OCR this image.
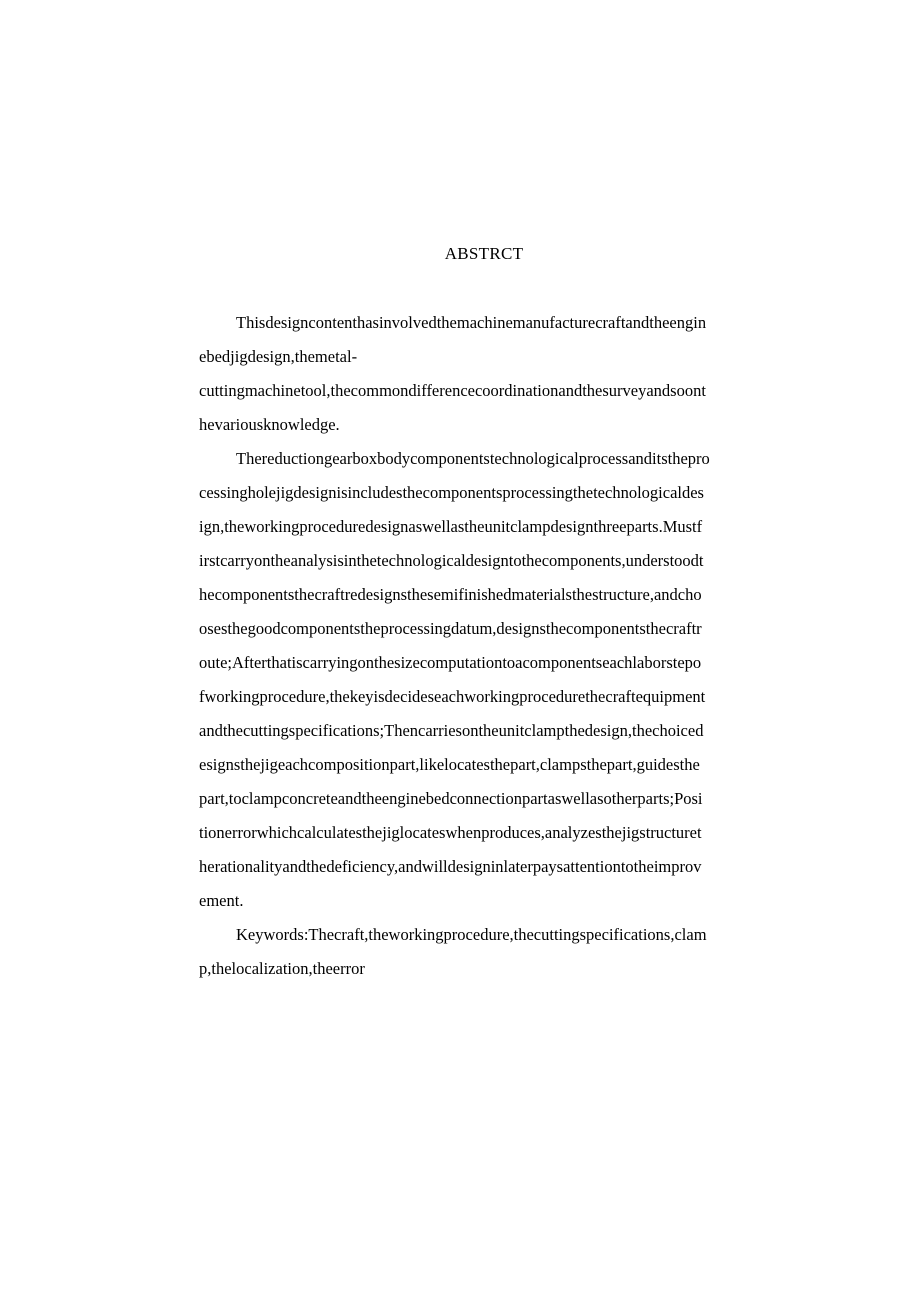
ABSTRCT
Thisdesigncontenthasinvolvedthemachinemanufacturecraftandtheengin
ebedjigdesign,themetal-
cuttingmachinetool,thecommondifferencecoordinationandthesurveyandsoont
hevariousknowledge.
Thereductiongearboxbodycomponentstechnologicalprocessanditsthepro
cessingholejigdesignisincludesthecomponentsprocessingthetechnologicaldes
ign,theworkingproceduredesignaswellastheunitclampdesignthreeparts.Mustf
irstcarryontheanalysisinthetechnologicaldesigntothecomponents,understoodt
hecomponentsthecraftredesignsthesemifinishedmaterialsthestructure,andcho
osesthegoodcomponentstheprocessingdatum,designsthecomponentsthecraftr
oute;Afterthatiscarryingonthesizecomputationtoacomponentseachlaborstepo
fworkingprocedure,thekeyisdecideseachworkingprocedurethecraftequipment
andthecuttingspecifications;Thencarriesontheunitclampthedesign,thechoiced
esignsthejigeachcompositionpart,likelocatesthepart,clampsthepart,guidesthe
part,toclampconcreteandtheenginebedconnectionpartaswellasotherparts;Posi
tionerrorwhichcalculatesthejiglocateswhenproduces,analyzesthejigstructuret
herationalityandthedeficiency,andwilldesigninlaterpaysattentiontotheimprov
ement.
Keywords:Thecraft,theworkingprocedure,thecuttingspecifications,clam
p,thelocalization,theerror
